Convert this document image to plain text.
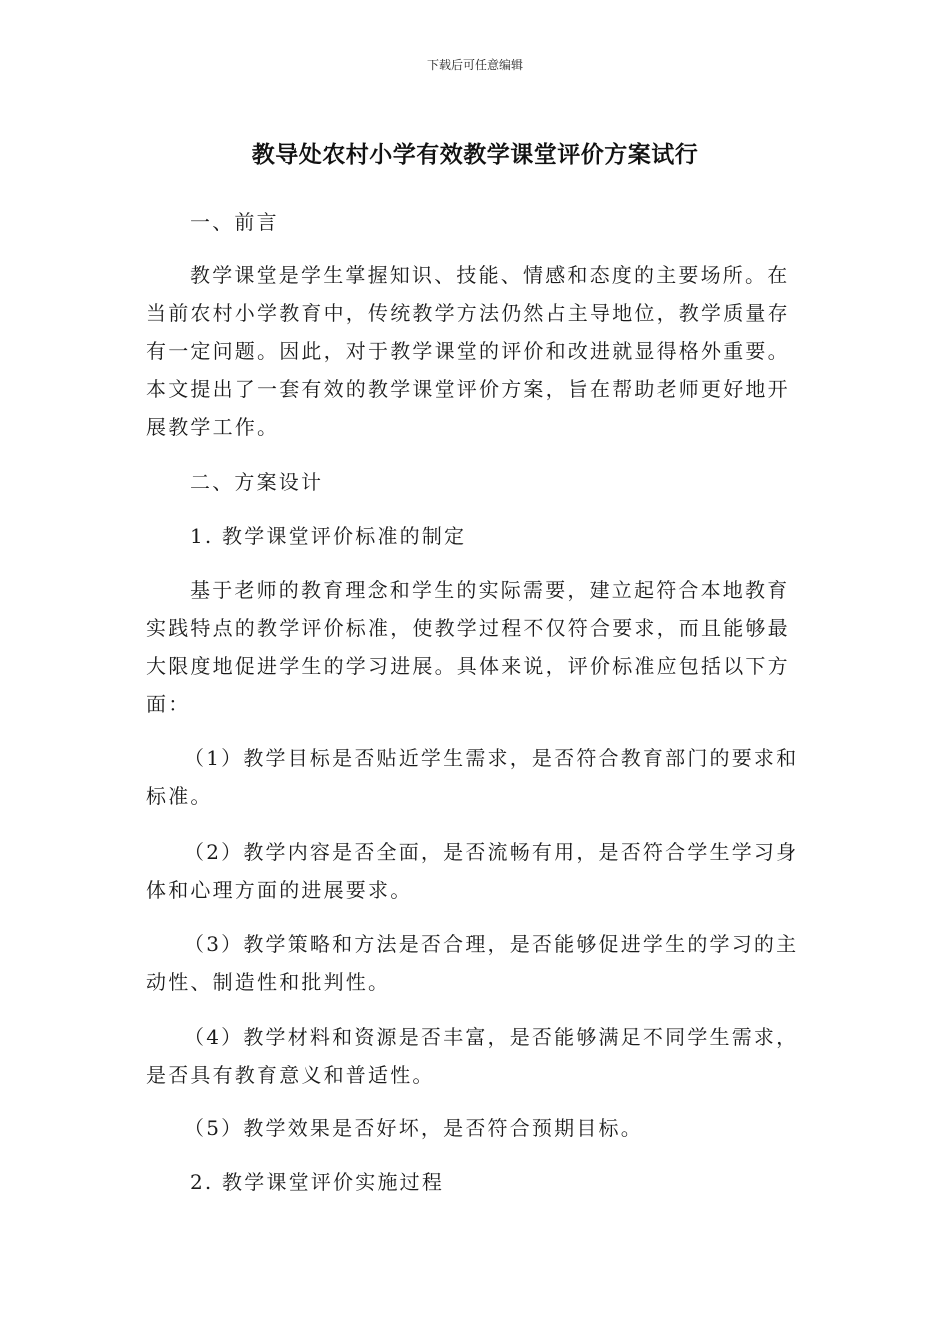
下载后可任意编辑
教导处农村小学有效教学课堂评价方案试行

一、前言

教学课堂是学生掌握知识、技能、情感和态度的主要场所。在当前农村小学教育中，传统教学方法仍然占主导地位，教学质量存有一定问题。因此，对于教学课堂的评价和改进就显得格外重要。本文提出了一套有效的教学课堂评价方案，旨在帮助老师更好地开展教学工作。

二、方案设计

1. 教学课堂评价标准的制定

基于老师的教育理念和学生的实际需要，建立起符合本地教育实践特点的教学评价标准，使教学过程不仅符合要求，而且能够最大限度地促进学生的学习进展。具体来说，评价标准应包括以下方面：

（1）教学目标是否贴近学生需求，是否符合教育部门的要求和标准。

（2）教学内容是否全面，是否流畅有用，是否符合学生学习身体和心理方面的进展要求。

（3）教学策略和方法是否合理，是否能够促进学生的学习的主动性、制造性和批判性。

（4）教学材料和资源是否丰富，是否能够满足不同学生需求，是否具有教育意义和普适性。

（5）教学效果是否好坏，是否符合预期目标。

2. 教学课堂评价实施过程
